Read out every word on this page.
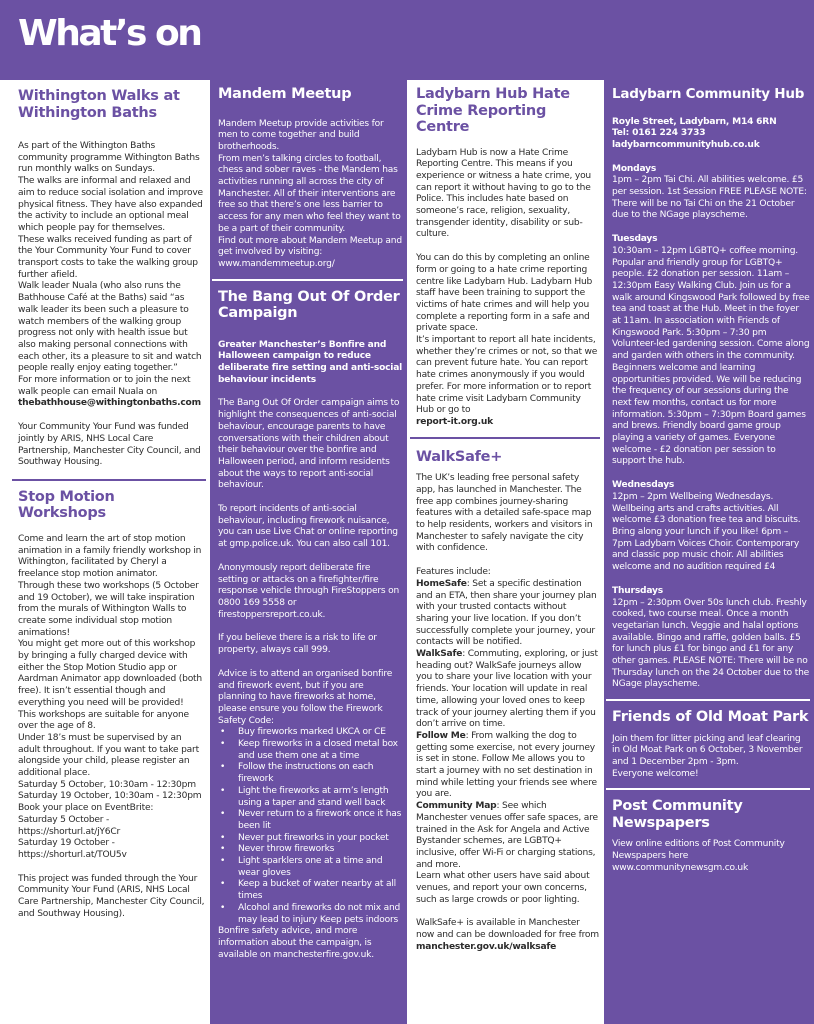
What’s on
Withington Walks at Withington Baths

As part of the Withington Baths community programme Withington Baths run monthly walks on Sundays.

The walks are informal and relaxed and aim to reduce social isolation and improve physical fitness. They have also expanded the activity to include an optional meal which people pay for themselves.

These walks received funding as part of the Your Community Your Fund to cover transport costs to take the walking group further afield.

Walk leader Nuala (who also runs the Bathhouse Café at the Baths) said “as walk leader its been such a pleasure to watch members of the walking group progress not only with health issue but also making personal connections with each other, its a pleasure to sit and watch people really enjoy eating together.”

For more information or to join the next walk people can email Nuala on

thebathhouse@withingtonbaths.com

Your Community Your Fund was funded jointly by ARIS, NHS Local Care Partnership, Manchester City Council, and Southway Housing.

Stop Motion Workshops

Come and learn the art of stop motion animation in a family friendly workshop in Withington, facilitated by Cheryl a freelance stop motion animator.

Through these two workshops (5 October and 19 October), we will take inspiration from the murals of Withington Walls to create some individual stop motion animations!

You might get more out of this workshop by bringing a fully charged device with either the Stop Motion Studio app or Aardman Animator app downloaded (both free). It isn’t essential though and everything you need will be provided!

This workshops are suitable for anyone over the age of 8.

Under 18’s must be supervised by an adult throughout. If you want to take part alongside your child, please register an additional place.

Saturday 5 October, 10:30am - 12:30pm

Saturday 19 October, 10:30am - 12:30pm

Book your place on EventBrite:

Saturday 5 October - https://shorturl.at/jY6Cr

Saturday 19 October - https://shorturl.at/TOU5v

This project was funded through the Your Community Your Fund (ARIS, NHS Local Care Partnership, Manchester City Council, and Southway Housing).

Mandem Meetup

Mandem Meetup provide activities for men to come together and build brotherhoods.

From men’s talking circles to football, chess and sober raves - the Mandem has activities running all across the city of Manchester. All of their interventions are free so that there’s one less barrier to access for any men who feel they want to be a part of their community.

Find out more about Mandem Meetup and get involved by visiting: www.mandemmeetup.org/

The Bang Out Of Order Campaign

Greater Manchester’s Bonfire and Halloween campaign to reduce deliberate fire setting and anti-social behaviour incidents

The Bang Out Of Order campaign aims to highlight the consequences of anti-social behaviour, encourage parents to have conversations with their children about their behaviour over the bonfire and Halloween period, and inform residents about the ways to report anti-social behaviour.

To report incidents of anti-social behaviour, including firework nuisance, you can use Live Chat or online reporting at gmp.police.uk. You can also call 101.

Anonymously report deliberate fire setting or attacks on a firefighter/fire response vehicle through FireStoppers on 0800 169 5558 or firestoppersreport.co.uk.

If you believe there is a risk to life or property, always call 999.

Advice is to attend an organised bonfire and firework event, but if you are planning to have fireworks at home, please ensure you follow the Firework Safety Code:

• Buy fireworks marked UKCA or CE
• Keep fireworks in a closed metal box and use them one at a time
• Follow the instructions on each firework
• Light the fireworks at arm’s length using a taper and stand well back
• Never return to a firework once it has been lit
• Never put fireworks in your pocket
• Never throw fireworks
• Light sparklers one at a time and wear gloves
• Keep a bucket of water nearby at all times
• Alcohol and fireworks do not mix and may lead to injury Keep pets indoors

Bonfire safety advice, and more information about the campaign, is available on manchesterfire.gov.uk.

Ladybarn Hub Hate Crime Reporting Centre

Ladybarn Hub is now a Hate Crime Reporting Centre. This means if you experience or witness a hate crime, you can report it without having to go to the Police. This includes hate based on someone’s race, religion, sexuality, transgender identity, disability or sub-culture.

You can do this by completing an online form or going to a hate crime reporting centre like Ladybarn Hub. Ladybarn Hub staff have been training to support the victims of hate crimes and will help you complete a reporting form in a safe and private space.

It’s important to report all hate incidents, whether they’re crimes or not, so that we can prevent future hate. You can report hate crimes anonymously if you would prefer. For more information or to report hate crime visit Ladybarn Community Hub or go to

report-it.org.uk

WalkSafe+

The UK’s leading free personal safety app, has launched in Manchester. The free app combines journey-sharing features with a detailed safe-space map to help residents, workers and visitors in Manchester to safely navigate the city with confidence.

Features include:

HomeSafe: Set a specific destination and an ETA, then share your journey plan with your trusted contacts without sharing your live location. If you don’t successfully complete your journey, your contacts will be notified.

WalkSafe: Commuting, exploring, or just heading out? WalkSafe journeys allow you to share your live location with your friends. Your location will update in real time, allowing your loved ones to keep track of your journey alerting them if you don’t arrive on time.

Follow Me: From walking the dog to getting some exercise, not every journey is set in stone. Follow Me allows you to start a journey with no set destination in mind while letting your friends see where you are.

Community Map: See which Manchester venues offer safe spaces, are trained in the Ask for Angela and Active Bystander schemes, are LGBTQ+ inclusive, offer Wi-Fi or charging stations, and more.

Learn what other users have said about venues, and report your own concerns, such as large crowds or poor lighting.

WalkSafe+ is available in Manchester now and can be downloaded for free from

manchester.gov.uk/walksafe

Ladybarn Community Hub

Royle Street, Ladybarn, M14 6RN

Tel: 0161 224 3733

ladybarncommunityhub.co.uk

Mondays

1pm – 2pm Tai Chi. All abilities welcome. £5 per session. 1st Session FREE PLEASE NOTE: There will be no Tai Chi on the 21 October due to the NGage playscheme.

Tuesdays

10:30am – 12pm LGBTQ+ coffee morning. Popular and friendly group for LGBTQ+ people. £2 donation per session. 11am – 12:30pm Easy Walking Club. Join us for a walk around Kingswood Park followed by free tea and toast at the Hub. Meet in the foyer at 11am. In association with Friends of Kingswood Park. 5:30pm – 7:30 pm Volunteer-led gardening session. Come along and garden with others in the community. Beginners welcome and learning opportunities provided. We will be reducing the frequency of our sessions during the next few months, contact us for more information. 5:30pm – 7:30pm Board games and brews. Friendly board game group playing a variety of games. Everyone welcome - £2 donation per session to support the hub.

Wednesdays

12pm – 2pm Wellbeing Wednesdays. Wellbeing arts and crafts activities. All welcome £3 donation free tea and biscuits. Bring along your lunch if you like! 6pm – 7pm Ladybarn Voices Choir. Contemporary and classic pop music choir. All abilities welcome and no audition required £4

Thursdays

12pm – 2:30pm Over 50s lunch club. Freshly cooked, two course meal. Once a month vegetarian lunch. Veggie and halal options available. Bingo and raffle, golden balls. £5 for lunch plus £1 for bingo and £1 for any other games. PLEASE NOTE: There will be no Thursday lunch on the 24 October due to the NGage playscheme.

Friends of Old Moat Park

Join them for litter picking and leaf clearing in Old Moat Park on 6 October, 3 November and 1 December 2pm - 3pm.

Everyone welcome!

Post Community Newspapers

View online editions of Post Community Newspapers here

www.communitynewsgm.co.uk
